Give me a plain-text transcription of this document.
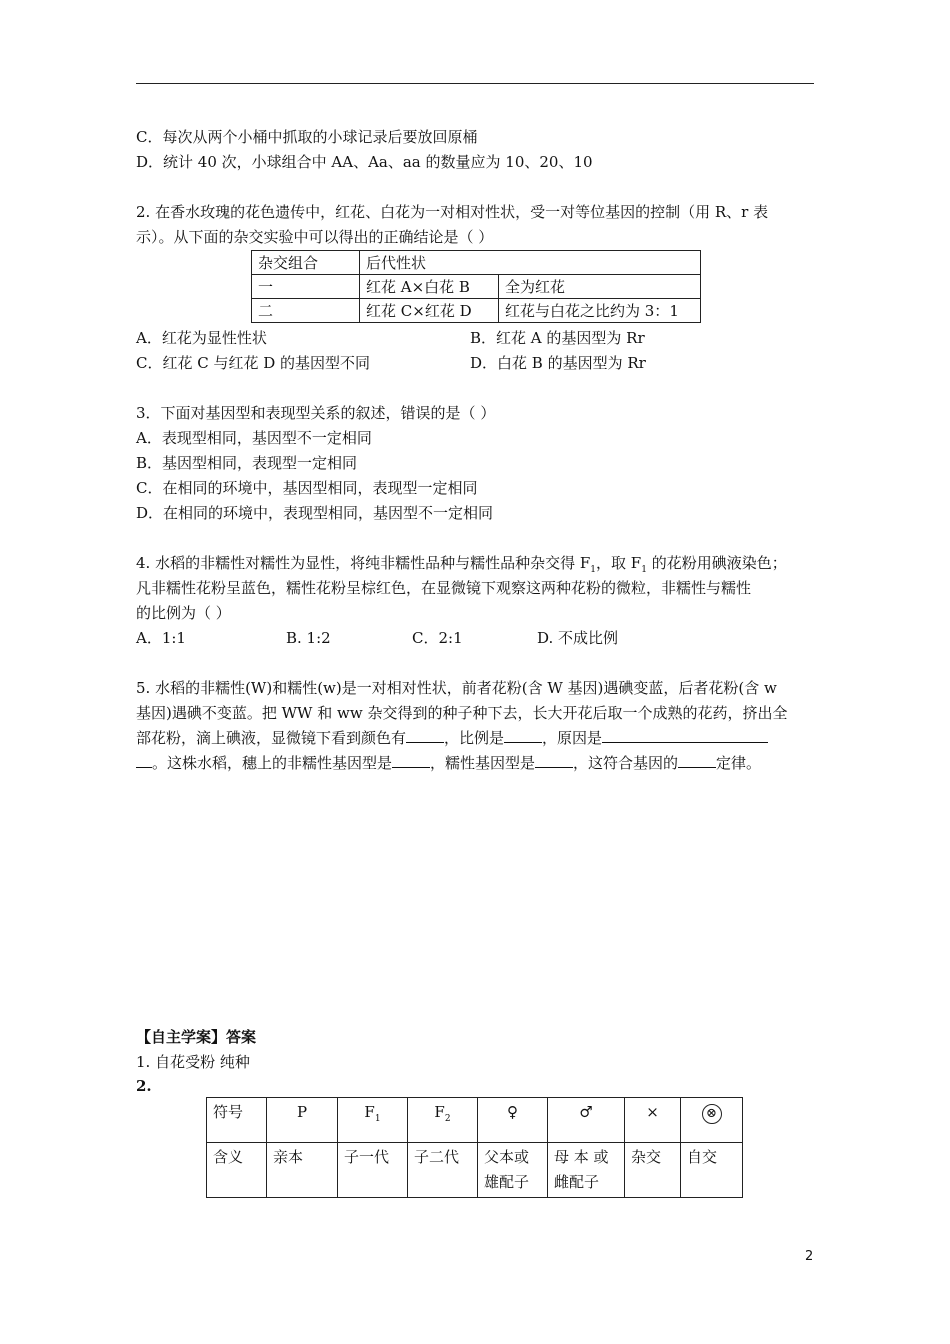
C．每次从两个小桶中抓取的小球记录后要放回原桶
D．统计 40 次，小球组合中 AA、Aa、aa 的数量应为 10、20、10
2. 在香水玫瑰的花色遗传中，红花、白花为一对相对性状，受一对等位基因的控制（用 R、r 表
示）。从下面的杂交实验中可以得出的正确结论是（ ）
杂交组合	后代性状	
一	红花 A×白花 B	全为红花
二	红花 C×红花 D	红花与白花之比约为 3：1
A．红花为显性性状	B．红花 A 的基因型为 Rr
C．红花 C 与红花 D 的基因型不同	D．白花 B 的基因型为 Rr
3．下面对基因型和表现型关系的叙述，错误的是（ ）
A．表现型相同，基因型不一定相同
B．基因型相同，表现型一定相同
C．在相同的环境中，基因型相同，表现型一定相同
D．在相同的环境中，表现型相同，基因型不一定相同
4. 水稻的非糯性对糯性为显性，将纯非糯性品种与糯性品种杂交得 $F_1$，取 $F_1$ 的花粉用碘液染色；
凡非糯性花粉呈蓝色，糯性花粉呈棕红色，在显微镜下观察这两种花粉的微粒，非糯性与糯性
的比例为（ ）
A．1:1	B. 1:2	C．2:1	D. 不成比例
5. 水稻的非糯性(W)和糯性(w)是一对相对性状，前者花粉(含 W 基因)遇碘变蓝，后者花粉(含 w
基因)遇碘不变蓝。把 WW 和 ww 杂交得到的种子种下去，长大开花后取一个成熟的花药，挤出全
部花粉，滴上碘液，显微镜下看到颜色有	，比例是	，原因是
。这株水稻，穗上的非糯性基因型是	，糯性基因型是	，这符合基因的	定律。
【自主学案】答案
1. 自花受粉 纯种
2.
符号	P	$F_1$	$F_2$	♀	♂	×	⊗
含义	亲本	子一代	子二代	父本或雄配子	母 本 或 雌配子	杂交	自交
2
